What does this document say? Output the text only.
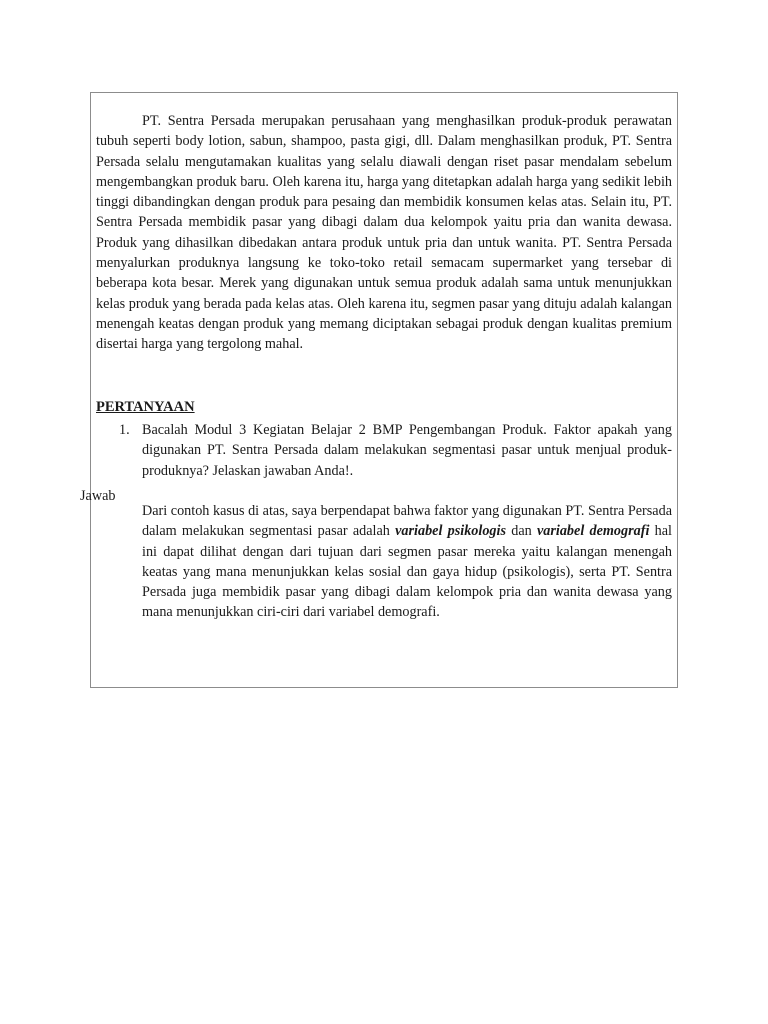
PT. Sentra Persada merupakan perusahaan yang menghasilkan produk-produk perawatan tubuh seperti body lotion, sabun, shampoo, pasta gigi, dll. Dalam menghasilkan produk, PT. Sentra Persada selalu mengutamakan kualitas yang selalu diawali dengan riset pasar mendalam sebelum mengembangkan produk baru. Oleh karena itu, harga yang ditetapkan adalah harga yang sedikit lebih tinggi dibandingkan dengan produk para pesaing dan membidik konsumen kelas atas. Selain itu, PT. Sentra Persada membidik pasar yang dibagi dalam dua kelompok yaitu pria dan wanita dewasa. Produk yang dihasilkan dibedakan antara produk untuk pria dan untuk wanita. PT. Sentra Persada menyalurkan produknya langsung ke toko-toko retail semacam supermarket yang tersebar di beberapa kota besar. Merek yang digunakan untuk semua produk adalah sama untuk menunjukkan kelas produk yang berada pada kelas atas. Oleh karena itu, segmen pasar yang dituju adalah kalangan menengah keatas dengan produk yang memang diciptakan sebagai produk dengan kualitas premium disertai harga yang tergolong mahal.

PERTANYAAN
1. Bacalah Modul 3 Kegiatan Belajar 2 BMP Pengembangan Produk. Faktor apakah yang digunakan PT. Sentra Persada dalam melakukan segmentasi pasar untuk menjual produk-produknya? Jelaskan jawaban Anda!.

Jawab

Dari contoh kasus di atas, saya berpendapat bahwa faktor yang digunakan PT. Sentra Persada dalam melakukan segmentasi pasar adalah variabel psikologis dan variabel demografi hal ini dapat dilihat dengan dari tujuan dari segmen pasar mereka yaitu kalangan menengah keatas yang mana menunjukkan kelas sosial dan gaya hidup (psikologis), serta PT. Sentra Persada juga membidik pasar yang dibagi dalam kelompok pria dan wanita dewasa yang mana menunjukkan ciri-ciri dari variabel demografi.
